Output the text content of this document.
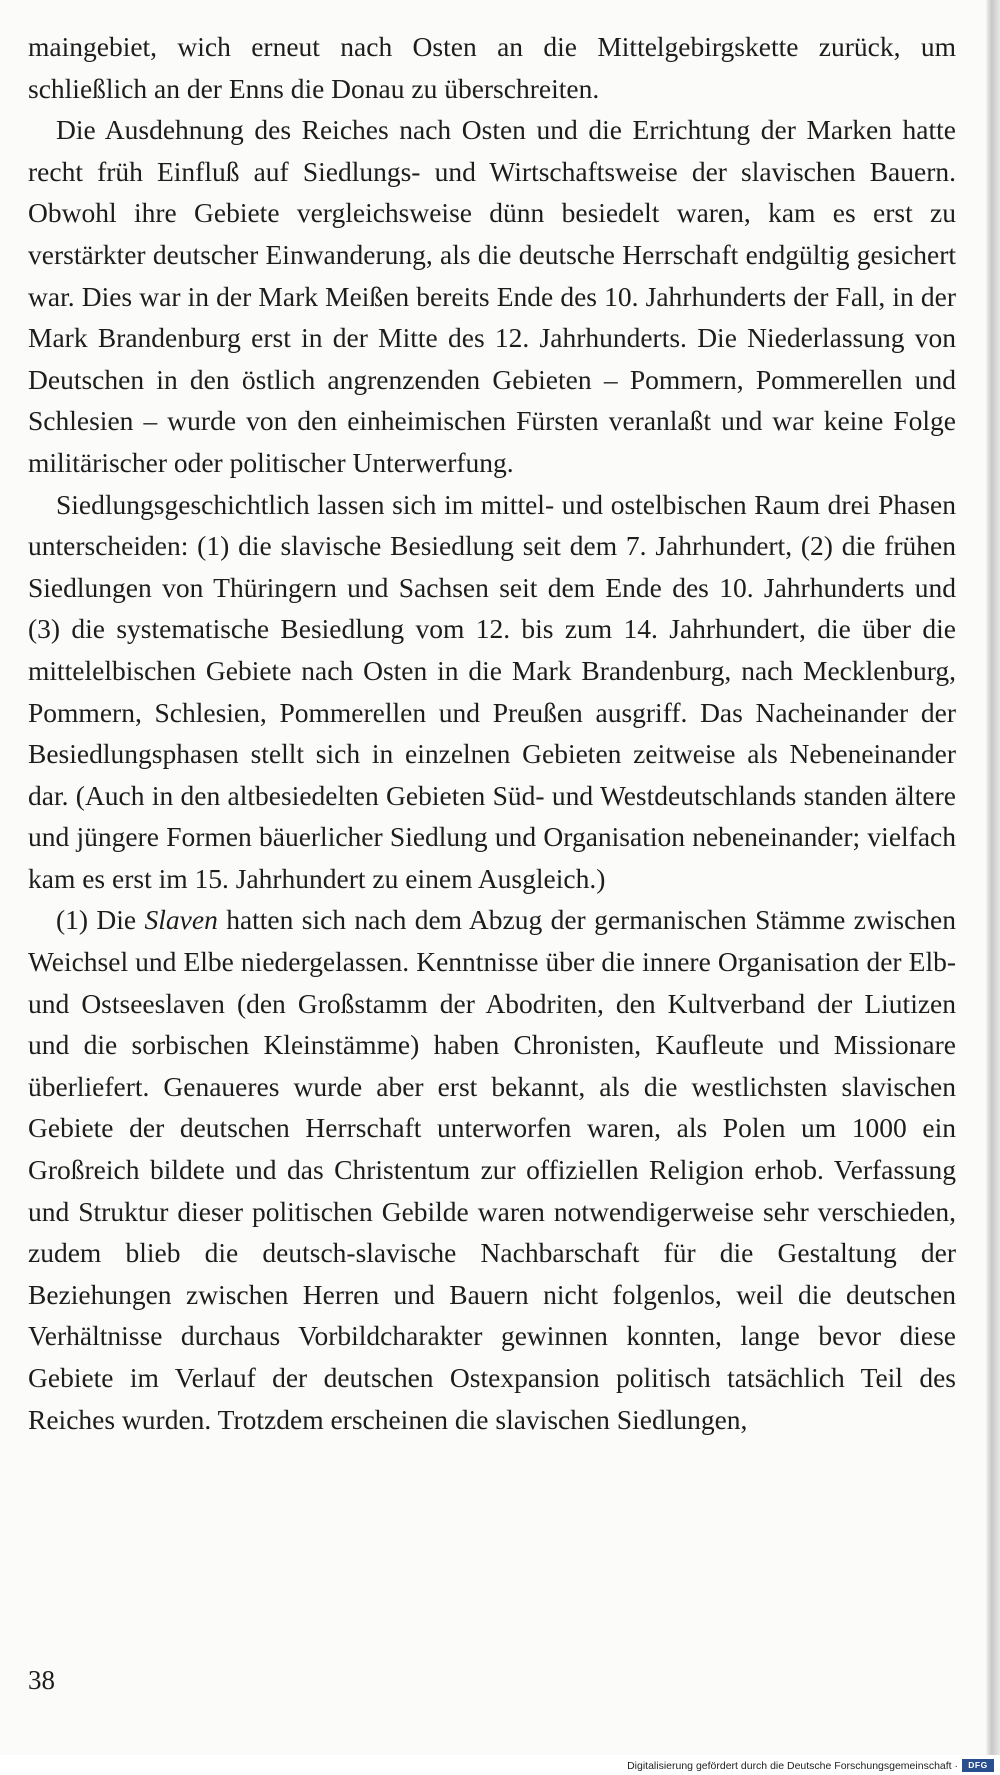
maingebiet, wich erneut nach Osten an die Mittelgebirgskette zurück, um schließlich an der Enns die Donau zu überschreiten.

Die Ausdehnung des Reiches nach Osten und die Errichtung der Marken hatte recht früh Einfluß auf Siedlungs- und Wirtschaftsweise der slavischen Bauern. Obwohl ihre Gebiete vergleichsweise dünn besiedelt waren, kam es erst zu verstärkter deutscher Einwanderung, als die deutsche Herrschaft endgültig gesichert war. Dies war in der Mark Meißen bereits Ende des 10. Jahrhunderts der Fall, in der Mark Brandenburg erst in der Mitte des 12. Jahrhunderts. Die Niederlassung von Deutschen in den östlich angrenzenden Gebieten – Pommern, Pommerellen und Schlesien – wurde von den einheimischen Fürsten veranlaßt und war keine Folge militärischer oder politischer Unterwerfung.

Siedlungsgeschichtlich lassen sich im mittel- und ostelbischen Raum drei Phasen unterscheiden: (1) die slavische Besiedlung seit dem 7. Jahrhundert, (2) die frühen Siedlungen von Thüringern und Sachsen seit dem Ende des 10. Jahrhunderts und (3) die systematische Besiedlung vom 12. bis zum 14. Jahrhundert, die über die mittelelbischen Gebiete nach Osten in die Mark Brandenburg, nach Mecklenburg, Pommern, Schlesien, Pommerellen und Preußen ausgriff. Das Nacheinander der Besiedlungsphasen stellt sich in einzelnen Gebieten zeitweise als Nebeneinander dar. (Auch in den altbesiedelten Gebieten Süd- und Westdeutschlands standen ältere und jüngere Formen bäuerlicher Siedlung und Organisation nebeneinander; vielfach kam es erst im 15. Jahrhundert zu einem Ausgleich.)

(1) Die Slaven hatten sich nach dem Abzug der germanischen Stämme zwischen Weichsel und Elbe niedergelassen. Kenntnisse über die innere Organisation der Elb- und Ostseeslaven (den Großstamm der Abodriten, den Kultverband der Liutizen und die sorbischen Kleinstämme) haben Chronisten, Kaufleute und Missionare überliefert. Genaueres wurde aber erst bekannt, als die westlichsten slavischen Gebiete der deutschen Herrschaft unterworfen waren, als Polen um 1000 ein Großreich bildete und das Christentum zur offiziellen Religion erhob. Verfassung und Struktur dieser politischen Gebilde waren notwendigerweise sehr verschieden, zudem blieb die deutsch-slavische Nachbarschaft für die Gestaltung der Beziehungen zwischen Herren und Bauern nicht folgenlos, weil die deutschen Verhältnisse durchaus Vorbildcharakter gewinnen konnten, lange bevor diese Gebiete im Verlauf der deutschen Ostexpansion politisch tatsächlich Teil des Reiches wurden. Trotzdem erscheinen die slavischen Siedlungen,

38
Digitalisierung gefördert durch die Deutsche Forschungsgemeinschaft ·	DFG
